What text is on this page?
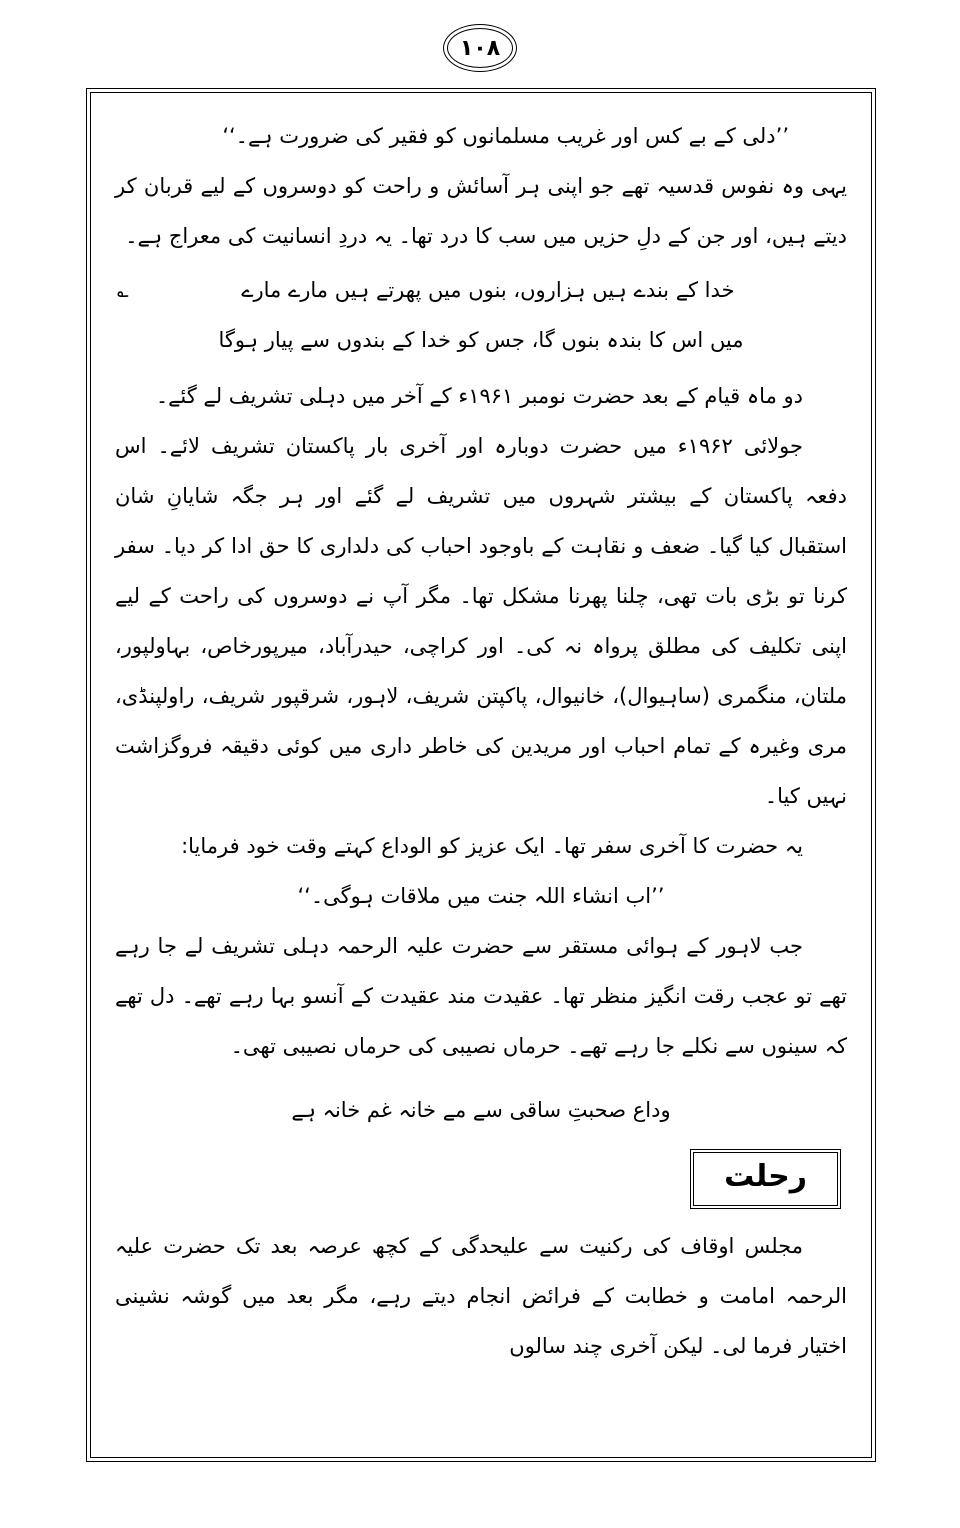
۱۰۸

’’دلی کے بے کس اور غریب مسلمانوں کو فقیر کی ضرورت ہے۔‘‘

یہی وہ نفوس قدسیہ تھے جو اپنی ہر آسائش و راحت کو دوسروں کے لیے قربان کر دیتے ہیں، اور جن کے دلِ حزیں میں سب کا درد تھا۔ یہ دردِ انسانیت کی معراج ہے۔

؎	خدا کے بندے ہیں ہزاروں، بنوں میں پھرتے ہیں مارے مارے

میں اس کا بندہ بنوں گا، جس کو خدا کے بندوں سے پیار ہوگا

دو ماہ قیام کے بعد حضرت نومبر ۱۹۶۱ء کے آخر میں دہلی تشریف لے گئے۔

جولائی ۱۹۶۲ء میں حضرت دوبارہ اور آخری بار پاکستان تشریف لائے۔ اس دفعہ پاکستان کے بیشتر شہروں میں تشریف لے گئے اور ہر جگہ شایانِ شان استقبال کیا گیا۔ ضعف و نقاہت کے باوجود احباب کی دلداری کا حق ادا کر دیا۔ سفر کرنا تو بڑی بات تھی، چلنا پھرنا مشکل تھا۔ مگر آپ نے دوسروں کی راحت کے لیے اپنی تکلیف کی مطلق پرواہ نہ کی۔ اور کراچی، حیدرآباد، میرپورخاص، بہاولپور، ملتان، منگمری (ساہیوال)، خانیوال، پاکپتن شریف، لاہور، شرقپور شریف، راولپنڈی، مری وغیرہ کے تمام احباب اور مریدین کی خاطر داری میں کوئی دقیقہ فروگزاشت نہیں کیا۔

یہ حضرت کا آخری سفر تھا۔ ایک عزیز کو الوداع کہتے وقت خود فرمایا:

’’اب انشاء اللہ جنت میں ملاقات ہوگی۔‘‘

جب لاہور کے ہوائی مستقر سے حضرت علیہ الرحمہ دہلی تشریف لے جا رہے تھے تو عجب رقت انگیز منظر تھا۔ عقیدت مند عقیدت کے آنسو بہا رہے تھے۔ دل تھے کہ سینوں سے نکلے جا رہے تھے۔ حرماں نصیبی کی حرماں نصیبی تھی۔

وداع صحبتِ ساقی سے مے خانہ غم خانہ ہے

رحلت

مجلس اوقاف کی رکنیت سے علیحدگی کے کچھ عرصہ بعد تک حضرت علیہ الرحمہ امامت و خطابت کے فرائض انجام دیتے رہے، مگر بعد میں گوشہ نشینی اختیار فرما لی۔ لیکن آخری چند سالوں
